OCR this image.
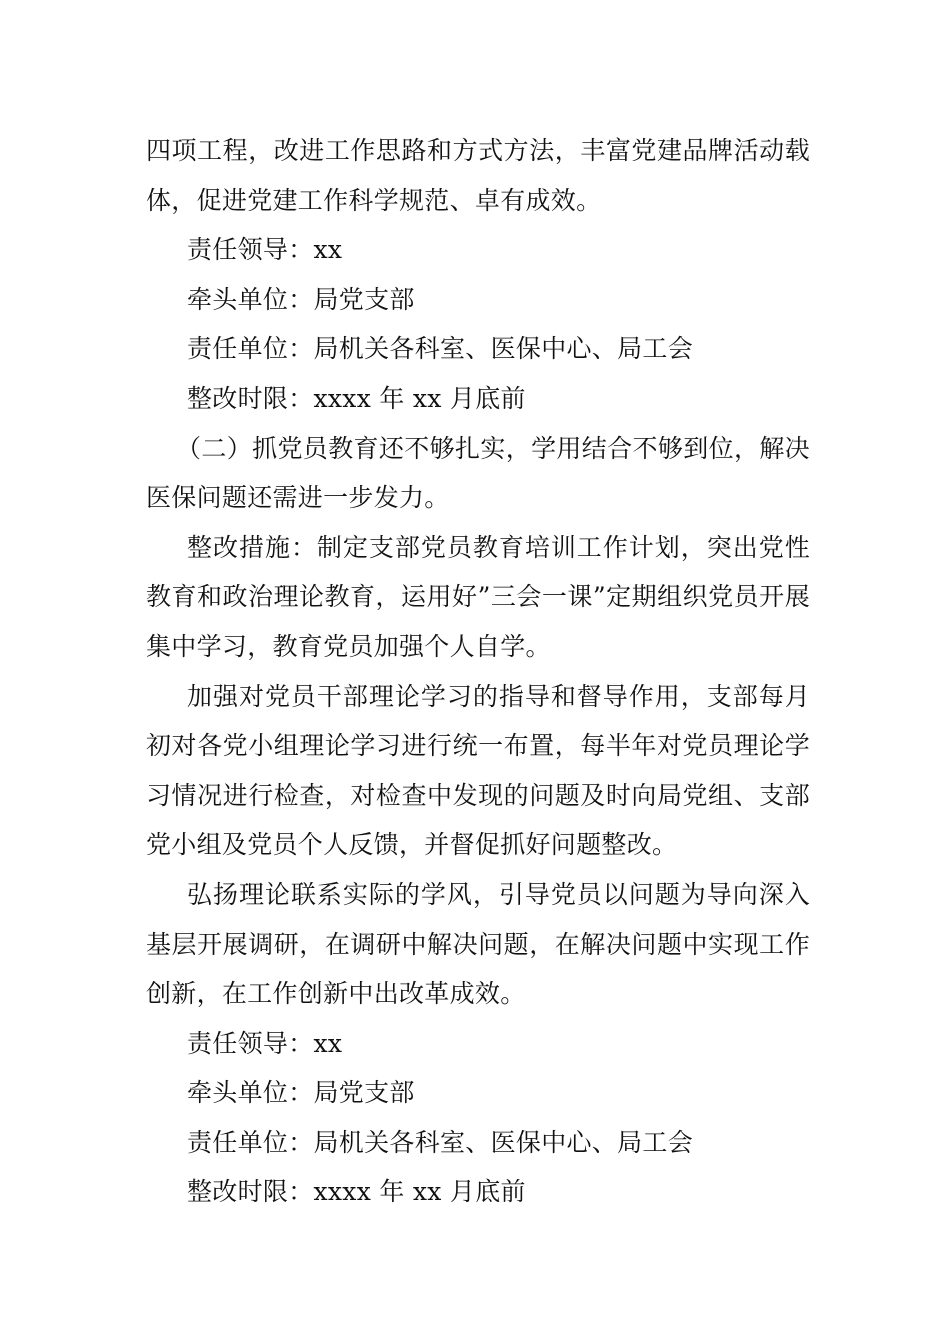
四项工程，改进工作思路和方式方法，丰富党建品牌活动载体，促进党建工作科学规范、卓有成效。

责任领导：xx

牵头单位：局党支部

责任单位：局机关各科室、医保中心、局工会

整改时限：xxxx 年 xx 月底前

（二）抓党员教育还不够扎实，学用结合不够到位，解决医保问题还需进一步发力。

整改措施：制定支部党员教育培训工作计划，突出党性教育和政治理论教育，运用好”三会一课”定期组织党员开展集中学习，教育党员加强个人自学。

加强对党员干部理论学习的指导和督导作用，支部每月初对各党小组理论学习进行统一布置，每半年对党员理论学习情况进行检查，对检查中发现的问题及时向局党组、支部党小组及党员个人反馈，并督促抓好问题整改。

弘扬理论联系实际的学风，引导党员以问题为导向深入基层开展调研，在调研中解决问题，在解决问题中实现工作创新，在工作创新中出改革成效。

责任领导：xx

牵头单位：局党支部

责任单位：局机关各科室、医保中心、局工会

整改时限：xxxx 年 xx 月底前
